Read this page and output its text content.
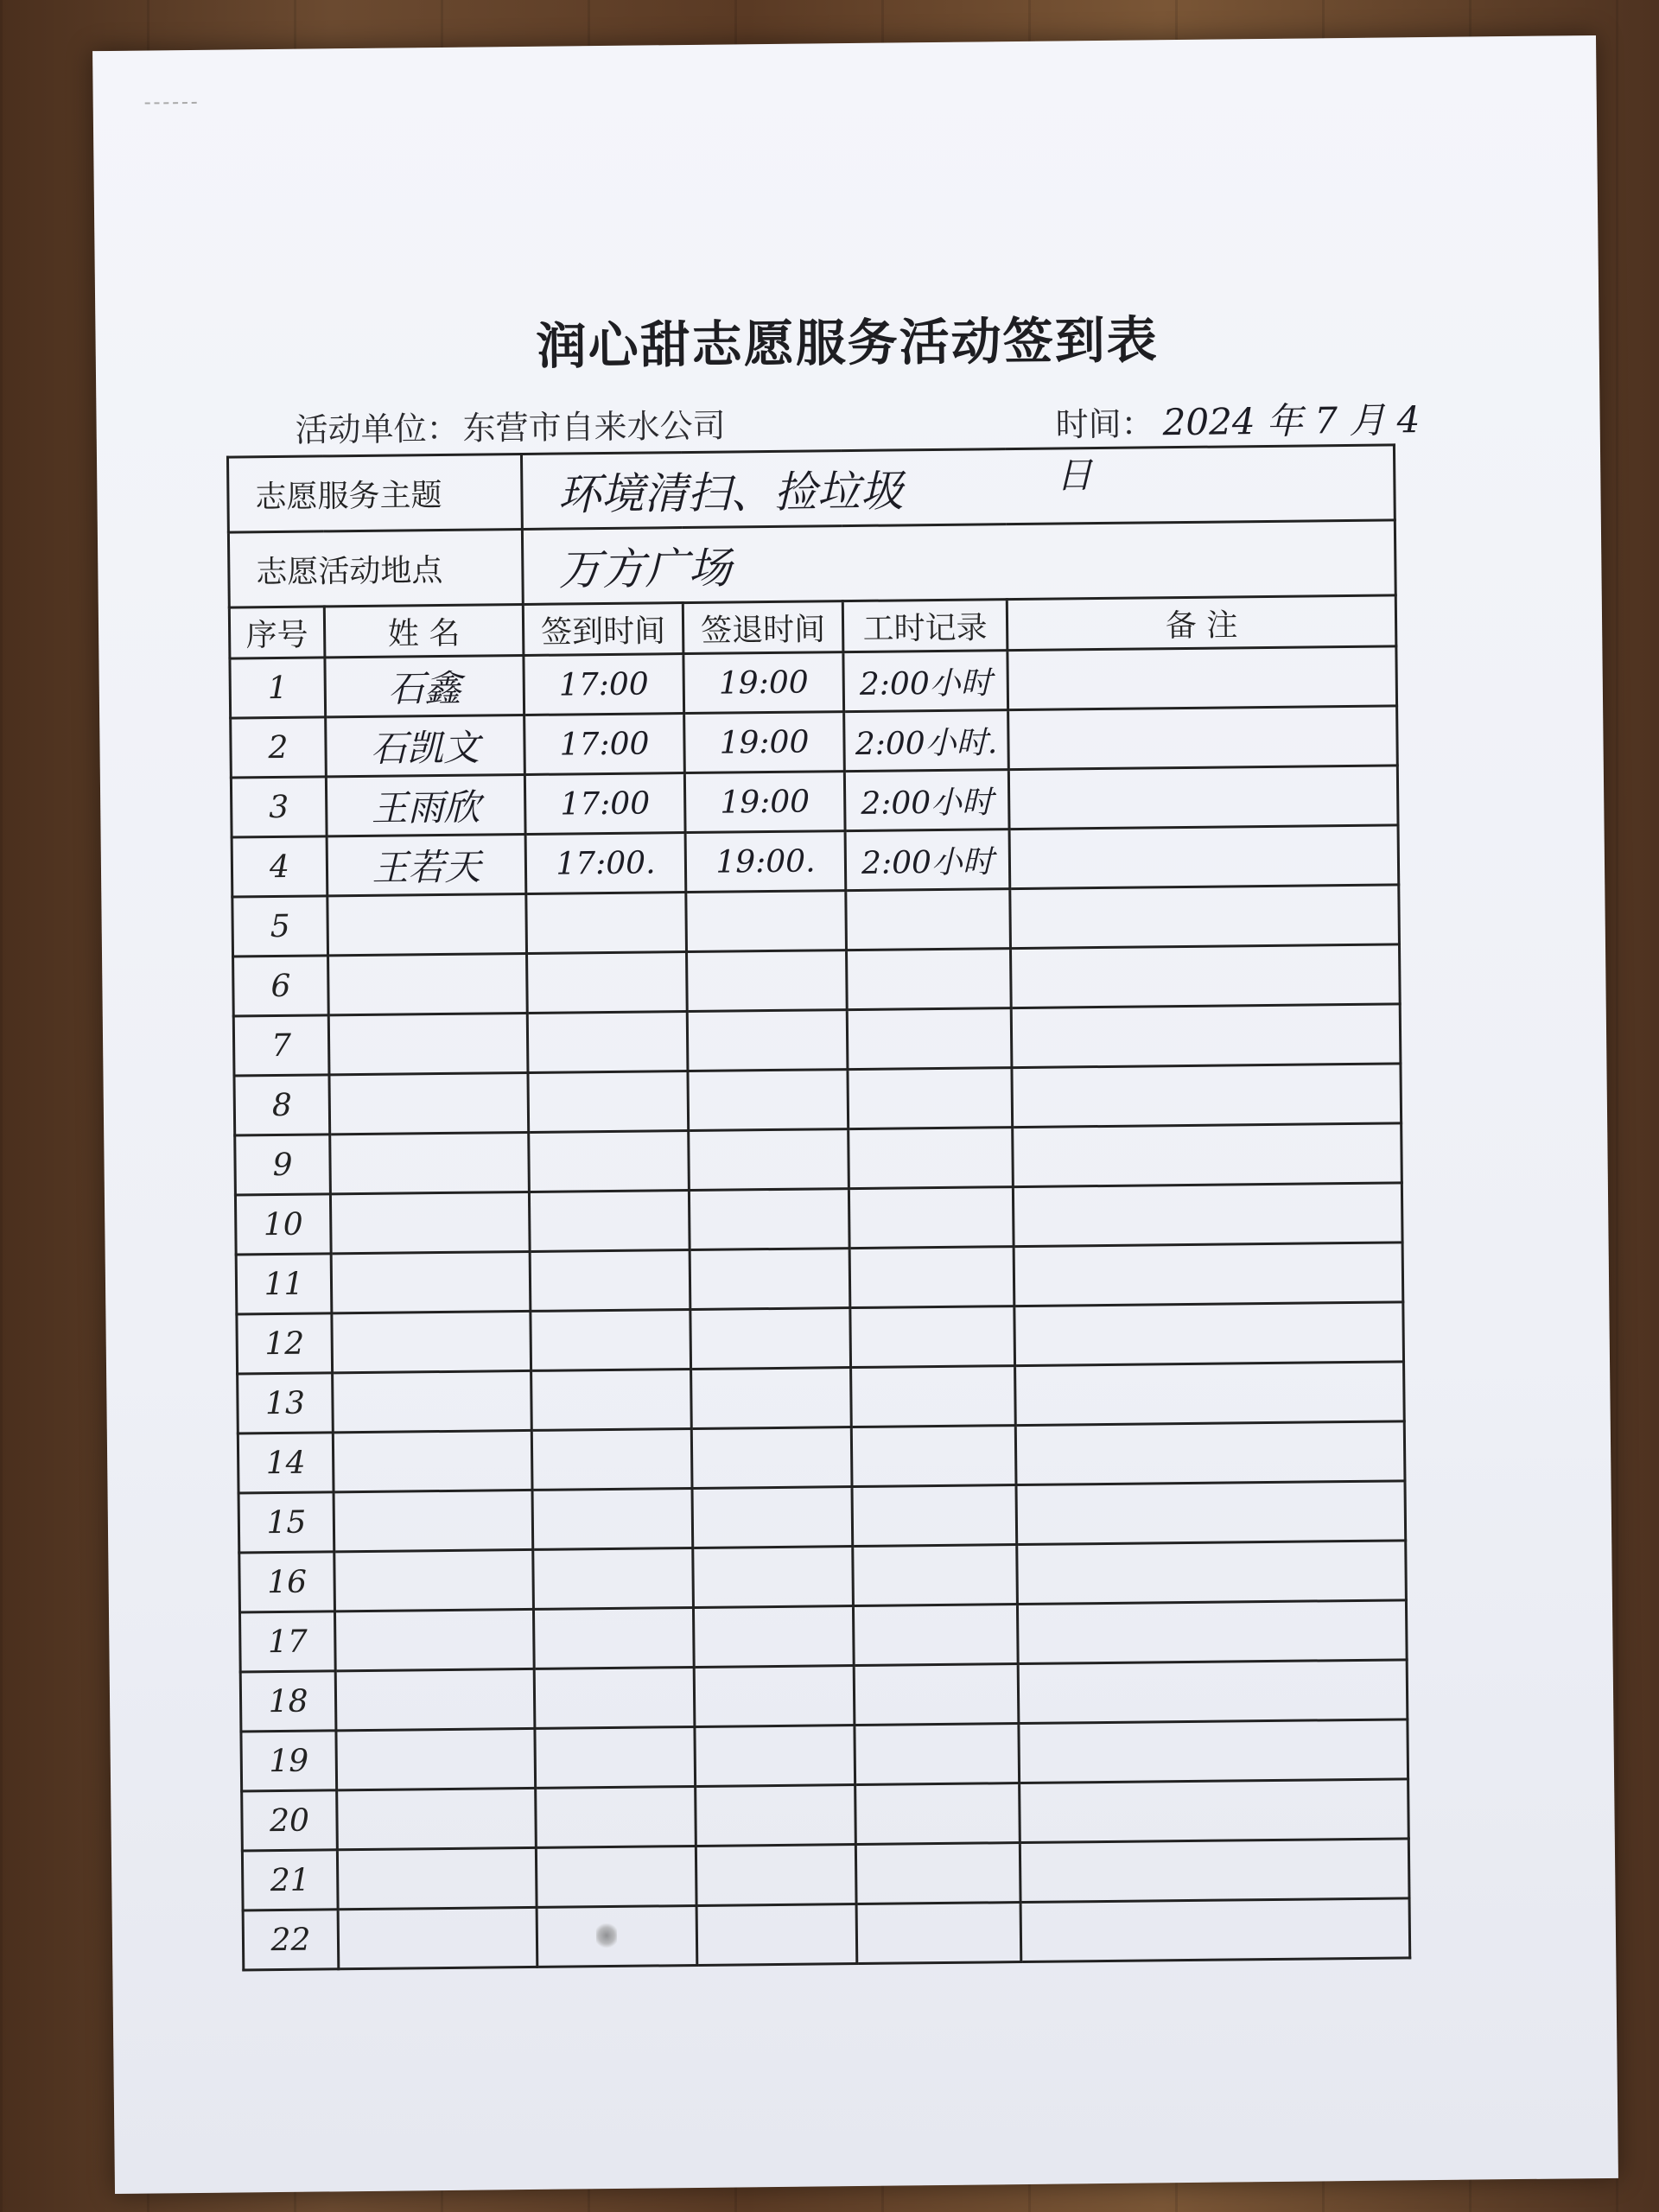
润心甜志愿服务活动签到表
活动单位：东营市自来水公司	时间： 2024 年 7 月 4 日
志愿服务主题		环境清扫、捡垃圾			
志愿活动地点		万方广场			
序号	姓 名	签到时间	签退时间	工时记录	备 注
1	石鑫	17:00	19:00	2:00小时	
2	石凯文	17:00	19:00	2:00小时.	
3	王雨欣	17:00	19:00	2:00小时	
4	王若天	17:00.	19:00.	2:00小时	
5					
6					
7					
8					
9					
10					
11					
12					
13					
14					
15					
16					
17					
18					
19					
20					
21					
22					
